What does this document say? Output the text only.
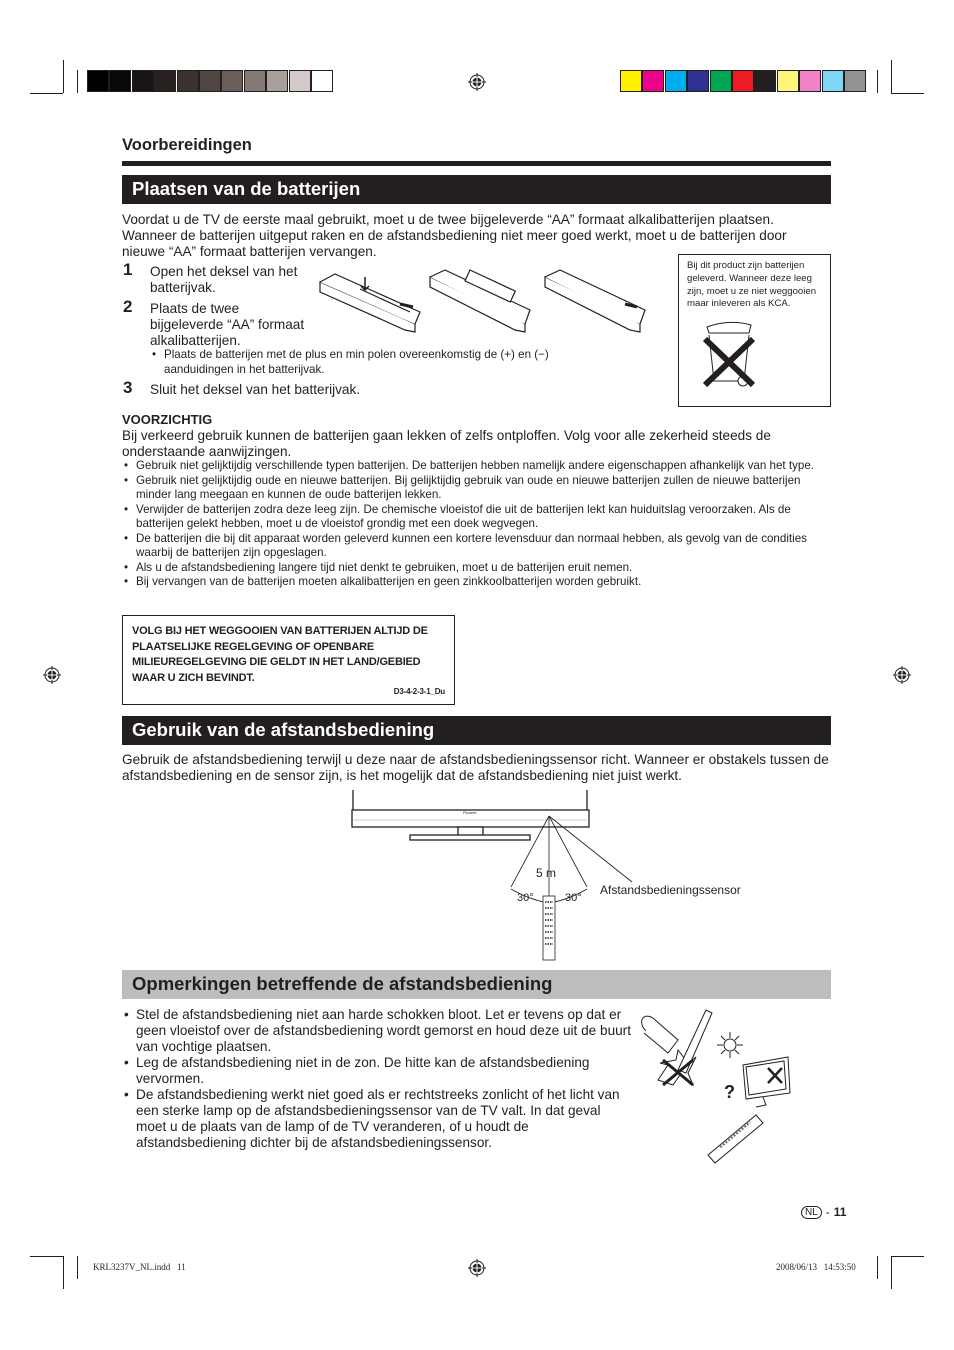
Voorbereidingen
Plaatsen van de batterijen
Voordat u de TV de eerste maal gebruikt, moet u de twee bijgeleverde “AA” formaat alkalibatterijen plaatsen. Wanneer de batterijen uitgeput raken en de afstandsbediening niet meer goed werkt, moet u de batterijen door nieuwe “AA” formaat batterijen vervangen.
1 Open het deksel van het batterijvak.
2 Plaats de twee bijgeleverde “AA” formaat alkalibatterijen.
• Plaats de batterijen met de plus en min polen overeenkomstig de (+) en (−) aanduidingen in het batterijvak.
3 Sluit het deksel van het batterijvak.
Bij dit product zijn batterijen geleverd. Wanneer deze leeg zijn, moet u ze niet weggooien maar inleveren als KCA.
VOORZICHTIG
Bij verkeerd gebruik kunnen de batterijen gaan lekken of zelfs ontploffen. Volg voor alle zekerheid steeds de onderstaande aanwijzingen.
• Gebruik niet gelijktijdig verschillende typen batterijen. De batterijen hebben namelijk andere eigenschappen afhankelijk van het type.
• Gebruik niet gelijktijdig oude en nieuwe batterijen. Bij gelijktijdig gebruik van oude en nieuwe batterijen zullen de nieuwe batterijen minder lang meegaan en kunnen de oude batterijen lekken.
• Verwijder de batterijen zodra deze leeg zijn. De chemische vloeistof die uit de batterijen lekt kan huiduitslag veroorzaken. Als de batterijen gelekt hebben, moet u de vloeistof grondig met een doek wegvegen.
• De batterijen die bij dit apparaat worden geleverd kunnen een kortere levensduur dan normaal hebben, als gevolg van de condities waarbij de batterijen zijn opgeslagen.
• Als u de afstandsbediening langere tijd niet denkt te gebruiken, moet u de batterijen eruit nemen.
• Bij vervangen van de batterijen moeten alkalibatterijen en geen zinkkoolbatterijen worden gebruikt.
VOLG BIJ HET WEGGOOIEN VAN BATTERIJEN ALTIJD DE PLAATSELIJKE REGELGEVING OF OPENBARE MILIEUREGELGEVING DIE GELDT IN HET LAND/GEBIED WAAR U ZICH BEVINDT.
D3-4-2-3-1_Du
Gebruik van de afstandsbediening
Gebruik de afstandsbediening terwijl u deze naar de afstandsbedieningssensor richt. Wanneer er obstakels tussen de afstandsbediening en de sensor zijn, is het mogelijk dat de afstandsbediening niet juist werkt.
Pioneer
5 m
30°	30°
Afstandsbedieningssensor
Opmerkingen betreffende de afstandsbediening
• Stel de afstandsbediening niet aan harde schokken bloot. Let er tevens op dat er geen vloeistof over de afstandsbediening wordt gemorst en houd deze uit de buurt van vochtige plaatsen.
• Leg de afstandsbediening niet in de zon. De hitte kan de afstandsbediening vervormen.
• De afstandsbediening werkt niet goed als er rechtstreeks zonlicht of het licht van een sterke lamp op de afstandsbedieningssensor van de TV valt. In dat geval moet u de plaats van de lamp of de TV veranderen, of u houdt de afstandsbediening dichter bij de afstandsbedieningssensor.
?
NL - 11
KRL3237V_NL.indd   11	2008/06/13   14:53:50
